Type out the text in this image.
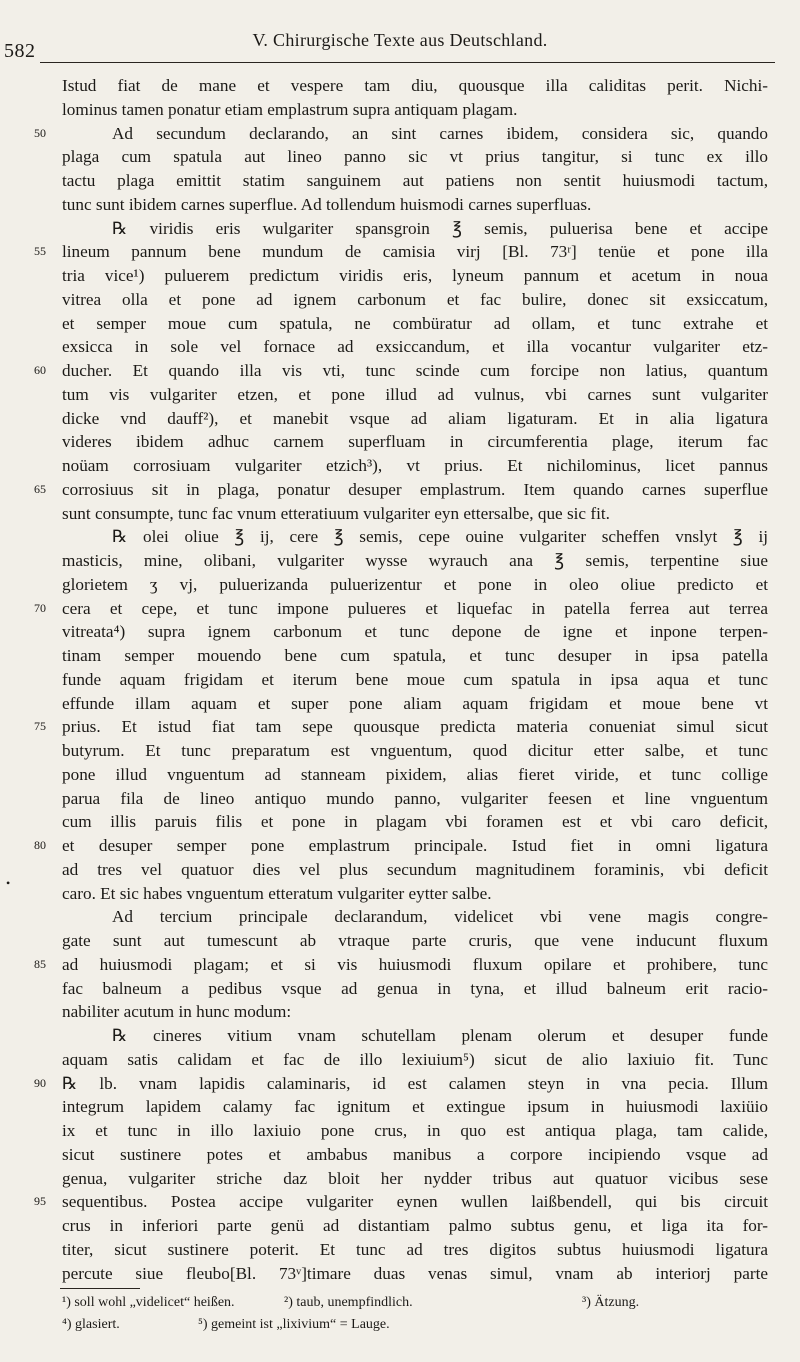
582	V. Chirurgische Texte aus Deutschland.
•
Istud fiat de mane et vespere tam diu, quousque illa caliditas perit. Nichi-
lominus tamen ponatur etiam emplastrum supra antiquam plagam.
50	Ad secundum declarando, an sint carnes ibidem, considera sic, quando
plaga cum spatula aut lineo panno sic vt prius tangitur, si tunc ex illo
tactu plaga emittit statim sanguinem aut patiens non sentit huiusmodi tactum,
tunc sunt ibidem carnes superflue. Ad tollendum huismodi carnes superfluas.
℞ viridis eris wulgariter spansgroin ℥ semis, puluerisa bene et accipe
55 lineum pannum bene mundum de camisia virj [Bl. 73ʳ] tenüe et pone illa
tria vice¹) puluerem predictum viridis eris, lyneum pannum et acetum in noua
vitrea olla et pone ad ignem carbonum et fac bulire, donec sit exsiccatum,
et semper moue cum spatula, ne combüratur ad ollam, et tunc extrahe et
exsicca in sole vel fornace ad exsiccandum, et illa vocantur vulgariter etz-
60 ducher. Et quando illa vis vti, tunc scinde cum forcipe non latius, quantum
tum vis vulgariter etzen, et pone illud ad vulnus, vbi carnes sunt vulgariter
dicke vnd dauff²), et manebit vsque ad aliam ligaturam. Et in alia ligatura
videres ibidem adhuc carnem superfluam in circumferentia plage, iterum fac
noüam corrosiuam vulgariter etzich³), vt prius. Et nichilominus, licet pannus
65 corrosiuus sit in plaga, ponatur desuper emplastrum. Item quando carnes superflue
sunt consumpte, tunc fac vnum etteratiuum vulgariter eyn ettersalbe, que sic fit.
℞ olei oliue ℥ ij, cere ℥ semis, cepe ouine vulgariter scheffen vnslyt ℥ ij
masticis, mine, olibani, vulgariter wysse wyrauch ana ℥ semis, terpentine siue
glorietem ʒ vj, puluerizanda puluerizentur et pone in oleo oliue predicto et
70 cera et cepe, et tunc impone pulueres et liquefac in patella ferrea aut terrea
vitreata⁴) supra ignem carbonum et tunc depone de igne et inpone terpen-
tinam semper mouendo bene cum spatula, et tunc desuper in ipsa patella
funde aquam frigidam et iterum bene moue cum spatula in ipsa aqua et tunc
effunde illam aquam et super pone aliam aquam frigidam et moue bene vt
75 prius. Et istud fiat tam sepe quousque predicta materia conueniat simul sicut
butyrum. Et tunc preparatum est vnguentum, quod dicitur etter salbe, et tunc
pone illud vnguentum ad stanneam pixidem, alias fieret viride, et tunc collige
parua fila de lineo antiquo mundo panno, vulgariter feesen et line vnguentum
cum illis paruis filis et pone in plagam vbi foramen est et vbi caro deficit,
80 et desuper semper pone emplastrum principale. Istud fiet in omni ligatura
ad tres vel quatuor dies vel plus secundum magnitudinem foraminis, vbi deficit
caro. Et sic habes vnguentum etteratum vulgariter eytter salbe.
Ad tercium principale declarandum, videlicet vbi vene magis congre-
gate sunt aut tumescunt ab vtraque parte cruris, que vene inducunt fluxum
85 ad huiusmodi plagam; et si vis huiusmodi fluxum opilare et prohibere, tunc
fac balneum a pedibus vsque ad genua in tyna, et illud balneum erit racio-
nabiliter acutum in hunc modum:
℞ cineres vitium vnam schutellam plenam olerum et desuper funde
aquam satis calidam et fac de illo lexiuium⁵) sicut de alio laxiuio fit. Tunc
90 ℞ lb. vnam lapidis calaminaris, id est calamen steyn in vna pecia. Illum
integrum lapidem calamy fac ignitum et extingue ipsum in huiusmodi laxiüio
ix et tunc in illo laxiuio pone crus, in quo est antiqua plaga, tam calide,
sicut sustinere potes et ambabus manibus a corpore incipiendo vsque ad
genua, vulgariter striche daz bloit her nydder tribus aut quatuor vicibus sese
95 sequentibus. Postea accipe vulgariter eynen wullen laißbendell, qui bis circuit
crus in inferiori parte genü ad distantiam palmo subtus genu, et liga ita for-
titer, sicut sustinere poterit. Et tunc ad tres digitos subtus huiusmodi ligatura
percute siue fleubo[Bl. 73ᵛ]timare duas venas simul, vnam ab interiorj parte
¹) soll wohl „videlicet“ heißen.	²) taub, unempfindlich.	³) Ätzung.
⁴) glasiert.	⁵) gemeint ist „lixivium“ = Lauge.
